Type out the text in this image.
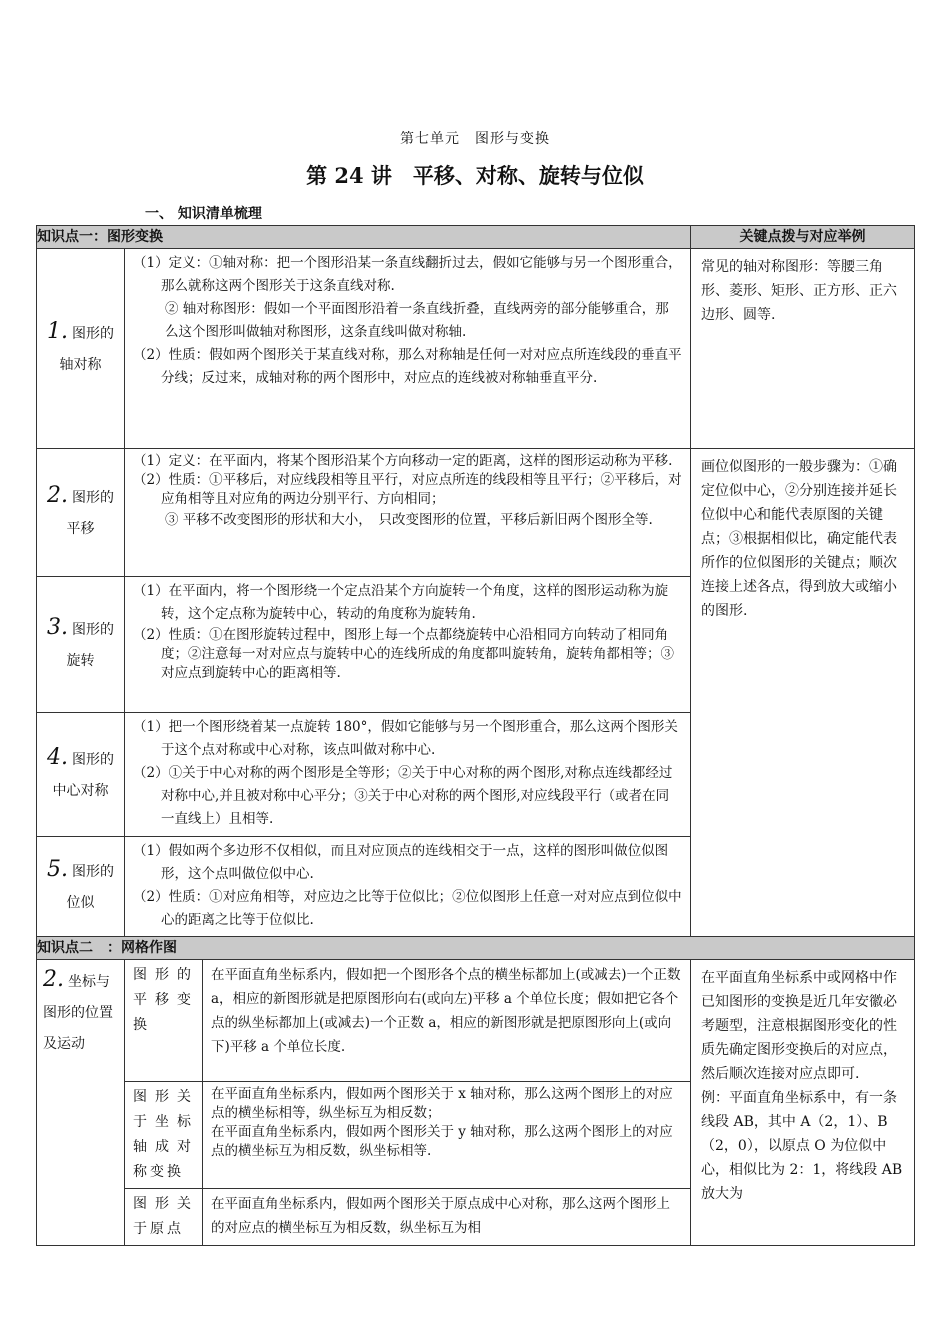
第七单元　图形与变换
第 24 讲　平移、对称、旋转与位似
一、 知识清单梳理
知识点一：图形变换			关键点拨与对应举例
1. 图形的轴对称	（1）定义：①轴对称：把一个图形沿某一条直线翻折过去，假如它能够与另一个图形重合，那么就称这两个图形关于这条直线对称.

② 轴对称图形：假如一个平面图形沿着一条直线折叠，直线两旁的部分能够重合，那么这个图形叫做轴对称图形，这条直线叫做对称轴.

（2）性质：假如两个图形关于某直线对称，那么对称轴是任何一对对应点所连线段的垂直平分线；反过来，成轴对称的两个图形中，对应点的连线被对称轴垂直平分.		常见的轴对称图形：等腰三角形、菱形、矩形、正方形、正六边形、圆等.

2. 图形的平移	（1）定义：在平面内，将某个图形沿某个方向移动一定的距离，这样的图形运动称为平移.

（2）性质：①平移后，对应线段相等且平行，对应点所连的线段相等且平行；②平移后，对应角相等且对应角的两边分别平行、方向相同；

③ 平移不改变图形的形状和大小，　只改变图形的位置，平移后新旧两个图形全等.		画位似图形的一般步骤为：①确定位似中心，②分别连接并延长位似中心和能代表原图的关键点；③根据相似比，确定能代表所作的位似图形的关键点；顺次连接上述各点，得到放大或缩小的图形.

3. 图形的旋转	（1）在平面内，将一个图形绕一个定点沿某个方向旋转一个角度，这样的图形运动称为旋转，这个定点称为旋转中心，转动的角度称为旋转角.

（2）性质：①在图形旋转过程中，图形上每一个点都绕旋转中心沿相同方向转动了相同角度；②注意每一对对应点与旋转中心的连线所成的角度都叫旋转角，旋转角都相等；③对应点到旋转中心的距离相等.		

4. 图形的中心对称	（1）把一个图形绕着某一点旋转 180°，假如它能够与另一个图形重合，那么这两个图形关于这个点对称或中心对称，该点叫做对称中心.

（2）①关于中心对称的两个图形是全等形；②关于中心对称的两个图形,对称点连线都经过对称中心,并且被对称中心平分；③关于中心对称的两个图形,对应线段平行（或者在同一直线上）且相等.		

5. 图形的位似	（1）假如两个多边形不仅相似，而且对应顶点的连线相交于一点，这样的图形叫做位似图形，这个点叫做位似中心.

（2）性质：①对应角相等，对应边之比等于位似比；②位似图形上任意一对对应点到位似中心的距离之比等于位似比.		

知识点二　：网格作图			
2. 坐标与图形的位置及运动	图形的平移变换	在平面直角坐标系内，假如把一个图形各个点的横坐标都加上(或减去)一个正数 a，相应的新图形就是把原图形向右(或向左)平移 a 个单位长度；假如把它各个点的纵坐标都加上(或减去)一个正数 a，相应的新图形就是把原图形向上(或向下)平移 a 个单位长度.	在平面直角坐标系中或网格中作已知图形的变换是近几年安徽必考题型，注意根据图形变化的性质先确定图形变换后的对应点，然后顺次连接对应点即可.

例：平面直角坐标系中，有一条线段 AB，其中 A（2，1）、B（2，0），以原点 O 为位似中心，相似比为 2：1，将线段 AB 放大为

	图形关于坐标轴成对称变换	在平面直角坐标系内，假如两个图形关于 x 轴对称，那么这两个图形上的对应点的横坐标相等，纵坐标互为相反数；

在平面直角坐标系内，假如两个图形关于 y 轴对称，那么这两个图形上的对应点的横坐标互为相反数，纵坐标相等.	

	图形关于原点	在平面直角坐标系内，假如两个图形关于原点成中心对称，那么这两个图形上的对应点的横坐标互为相反数，纵坐标互为相	
